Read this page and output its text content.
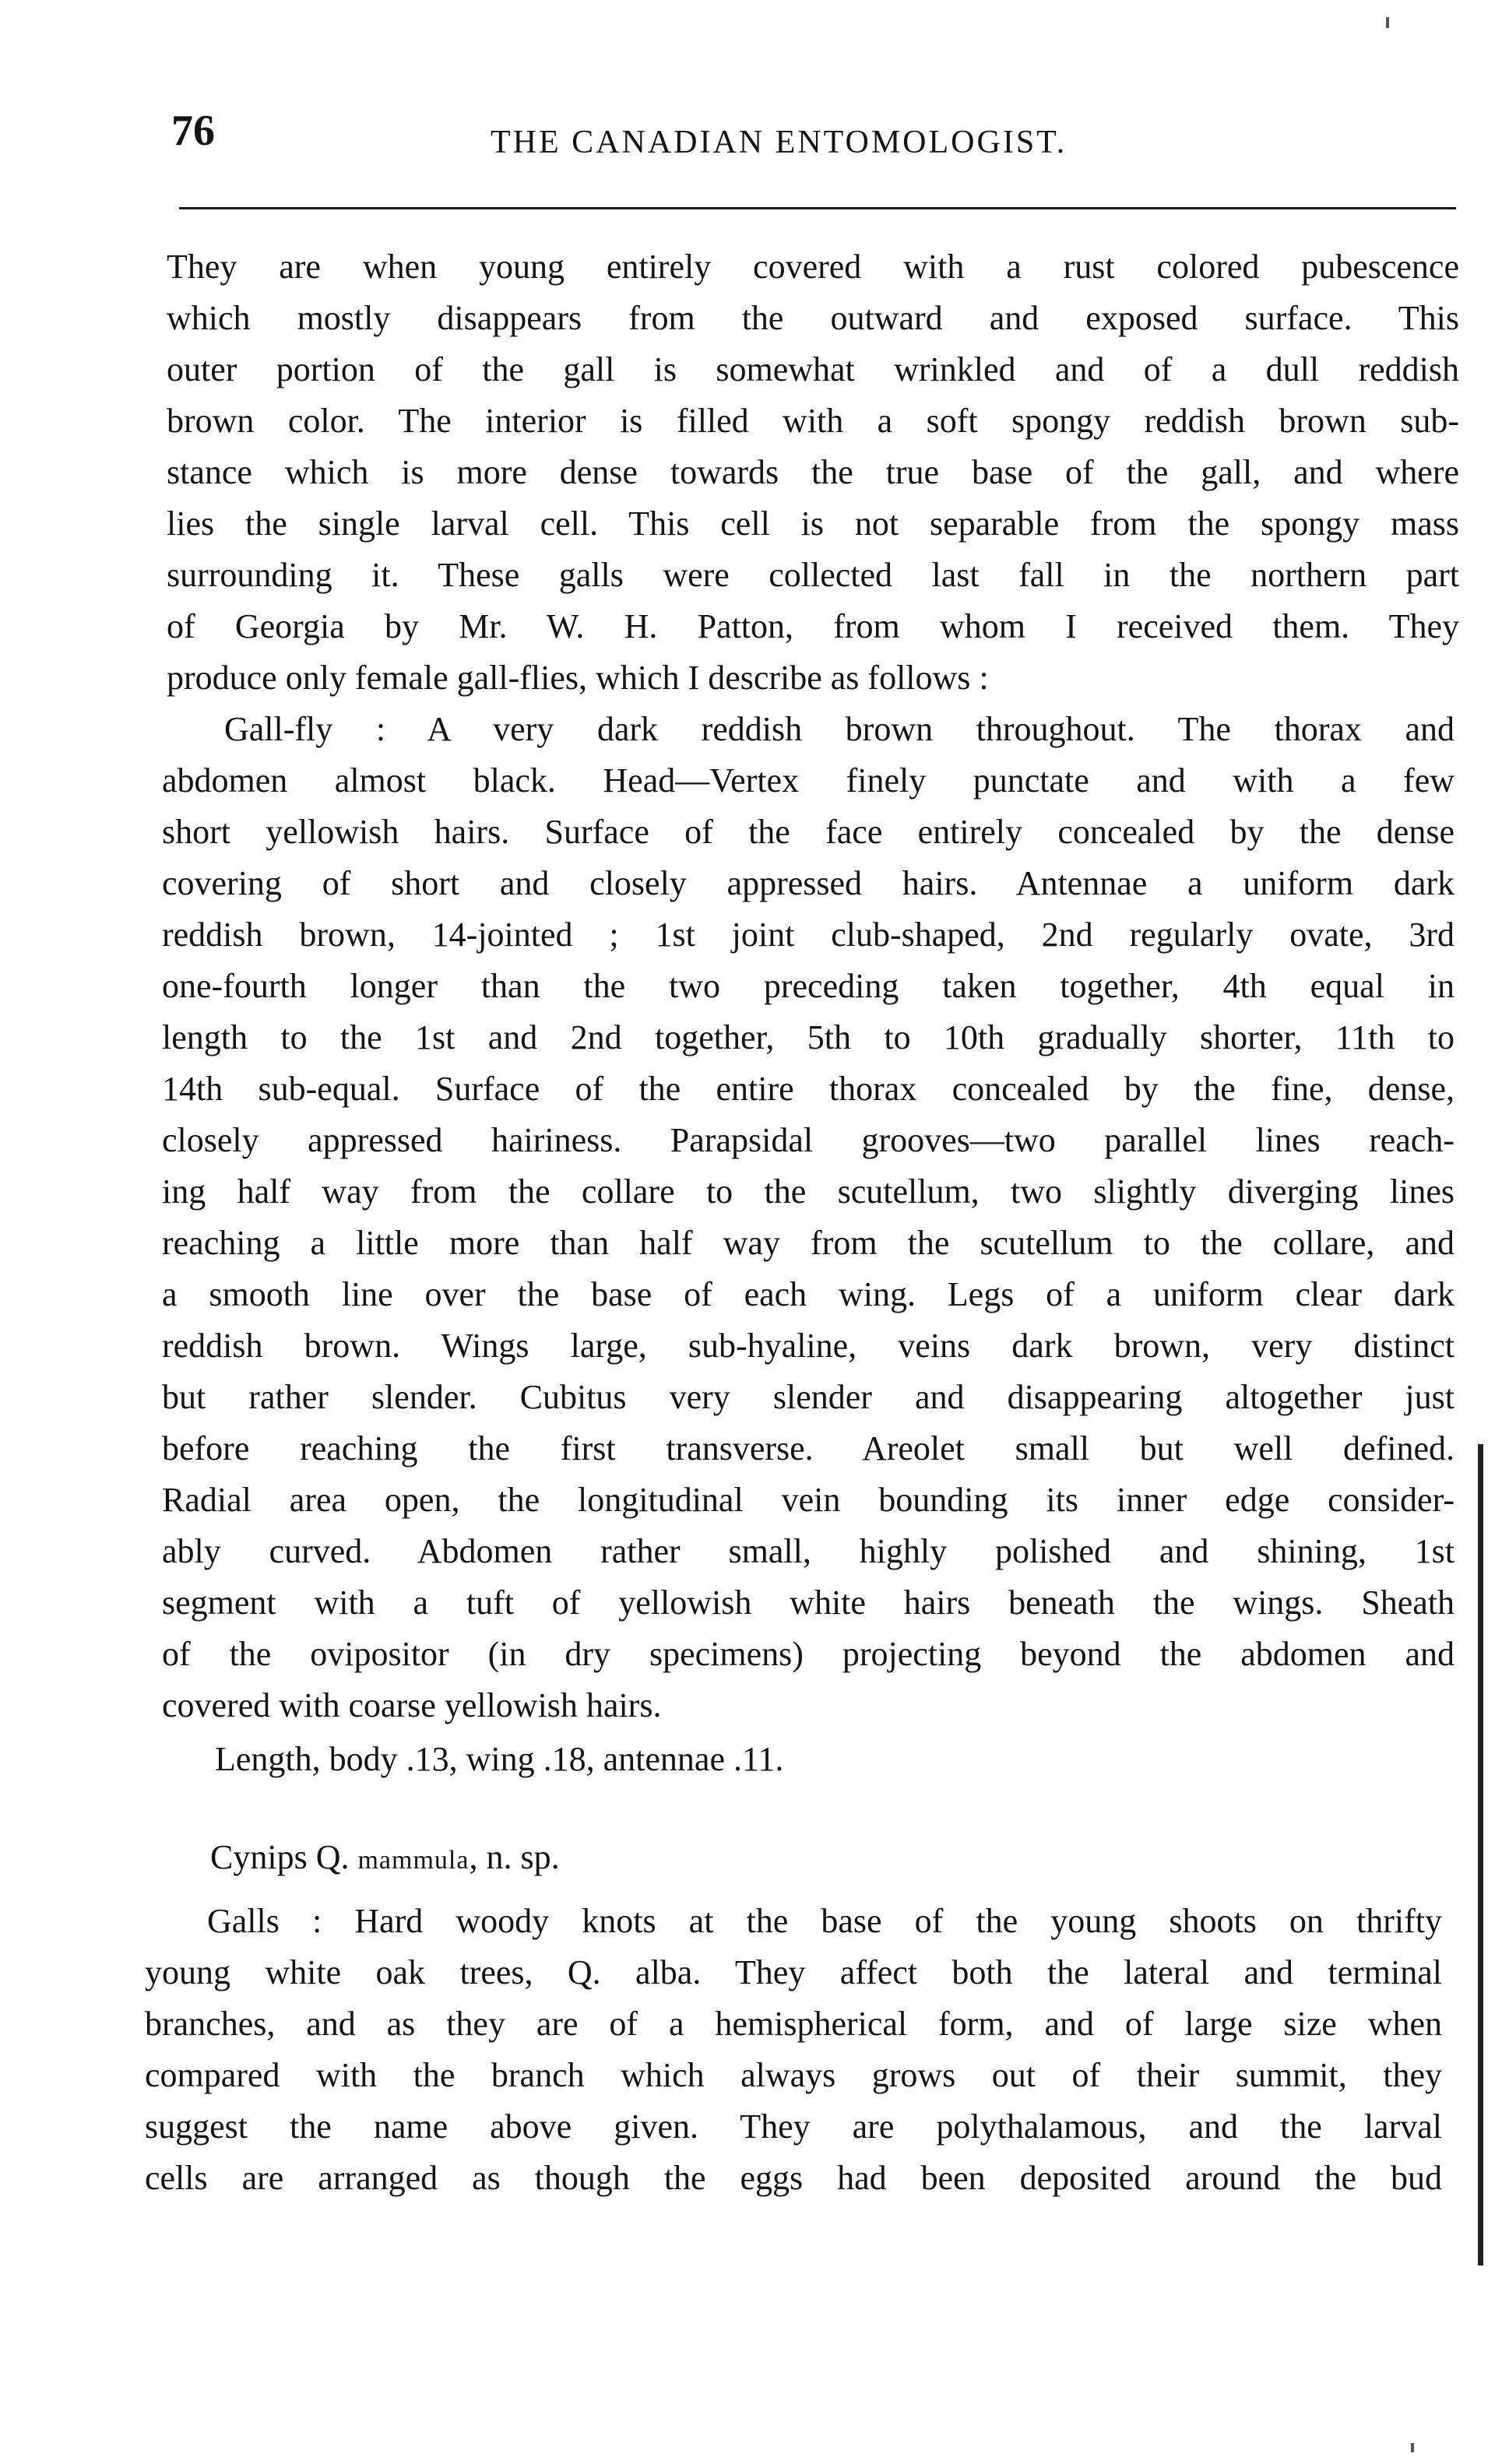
76	THE CANADIAN ENTOMOLOGIST.
They are when young entirely covered with a rust colored pubescence
which mostly disappears from the outward and exposed surface. This
outer portion of the gall is somewhat wrinkled and of a dull reddish
brown color. The interior is filled with a soft spongy reddish brown sub-
stance which is more dense towards the true base of the gall, and where
lies the single larval cell. This cell is not separable from the spongy mass
surrounding it. These galls were collected last fall in the northern part
of Georgia by Mr. W. H. Patton, from whom I received them. They
produce only female gall-flies, which I describe as follows :
Gall-fly : A very dark reddish brown throughout. The thorax and
abdomen almost black. Head—Vertex finely punctate and with a few
short yellowish hairs. Surface of the face entirely concealed by the dense
covering of short and closely appressed hairs. Antennae a uniform dark
reddish brown, 14-jointed ; 1st joint club-shaped, 2nd regularly ovate, 3rd
one-fourth longer than the two preceding taken together, 4th equal in
length to the 1st and 2nd together, 5th to 10th gradually shorter, 11th to
14th sub-equal. Surface of the entire thorax concealed by the fine, dense,
closely appressed hairiness. Parapsidal grooves—two parallel lines reach-
ing half way from the collare to the scutellum, two slightly diverging lines
reaching a little more than half way from the scutellum to the collare, and
a smooth line over the base of each wing. Legs of a uniform clear dark
reddish brown. Wings large, sub-hyaline, veins dark brown, very distinct
but rather slender. Cubitus very slender and disappearing altogether just
before reaching the first transverse. Areolet small but well defined.
Radial area open, the longitudinal vein bounding its inner edge consider-
ably curved. Abdomen rather small, highly polished and shining, 1st
segment with a tuft of yellowish white hairs beneath the wings. Sheath
of the ovipositor (in dry specimens) projecting beyond the abdomen and
covered with coarse yellowish hairs.
Length, body .13, wing .18, antennae .11.
Cynips Q. mammula, n. sp.
Galls : Hard woody knots at the base of the young shoots on thrifty
young white oak trees, Q. alba. They affect both the lateral and terminal
branches, and as they are of a hemispherical form, and of large size when
compared with the branch which always grows out of their summit, they
suggest the name above given. They are polythalamous, and the larval
cells are arranged as though the eggs had been deposited around the bud
